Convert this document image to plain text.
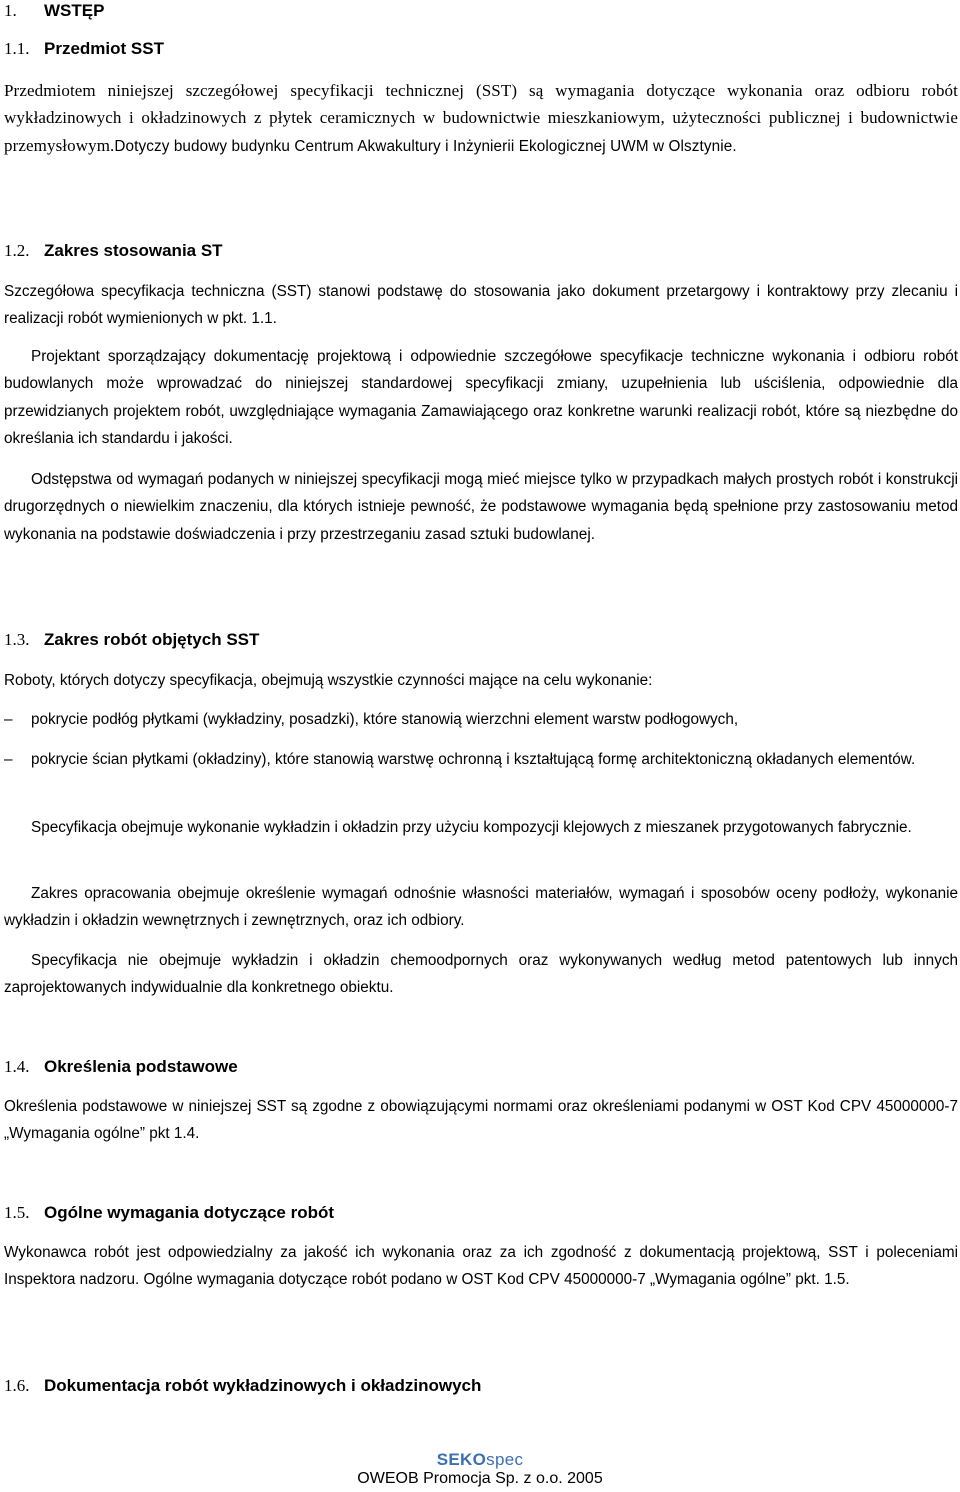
1. WSTĘP
1.1. Przedmiot SST

Przedmiotem niniejszej szczegółowej specyfikacji technicznej (SST) są wymagania dotyczące wykonania oraz odbioru robót wykładzinowych i okładzinowych z płytek ceramicznych w budownictwie mieszkaniowym, użyteczności publicznej i budownictwie przemysłowym.Dotyczy budowy budynku Centrum Akwakultury i Inżynierii Ekologicznej UWM w Olsztynie.

1.2. Zakres stosowania ST

Szczegółowa specyfikacja techniczna (SST) stanowi podstawę do stosowania jako dokument przetargowy i kontraktowy przy zlecaniu i realizacji robót wymienionych w pkt. 1.1.

Projektant sporządzający dokumentację projektową i odpowiednie szczegółowe specyfikacje techniczne wykonania i odbioru robót budowlanych może wprowadzać do niniejszej standardowej specyfikacji zmiany, uzupełnienia lub uściślenia, odpowiednie dla przewidzianych projektem robót, uwzględniające wymagania Zamawiającego oraz konkretne warunki realizacji robót, które są niezbędne do określania ich standardu i jakości.

Odstępstwa od wymagań podanych w niniejszej specyfikacji mogą mieć miejsce tylko w przypadkach małych prostych robót i konstrukcji drugorzędnych o niewielkim znaczeniu, dla których istnieje pewność, że podstawowe wymagania będą spełnione przy zastosowaniu metod wykonania na podstawie doświadczenia i przy przestrzeganiu zasad sztuki budowlanej.

1.3. Zakres robót objętych SST

Roboty, których dotyczy specyfikacja, obejmują wszystkie czynności mające na celu wykonanie:

–	pokrycie podłóg płytkami (wykładziny, posadzki), które stanowią wierzchni element warstw podłogowych,
–	pokrycie ścian płytkami (okładziny), które stanowią warstwę ochronną i kształtującą formę architektoniczną okładanych elementów.

Specyfikacja obejmuje wykonanie wykładzin i okładzin przy użyciu kompozycji klejowych z mieszanek przygotowanych fabrycznie.

Zakres opracowania obejmuje określenie wymagań odnośnie własności materiałów, wymagań i sposobów oceny podłoży, wykonanie wykładzin i okładzin wewnętrznych i zewnętrznych, oraz ich odbiory.

Specyfikacja nie obejmuje wykładzin i okładzin chemoodpornych oraz wykonywanych według metod patentowych lub innych zaprojektowanych indywidualnie dla konkretnego obiektu.

1.4. Określenia podstawowe

Określenia podstawowe w niniejszej SST są zgodne z obowiązującymi normami oraz określeniami podanymi w OST Kod CPV 45000000-7 „Wymagania ogólne” pkt 1.4.

1.5. Ogólne wymagania dotyczące robót

Wykonawca robót jest odpowiedzialny za jakość ich wykonania oraz za ich zgodność z dokumentacją projektową, SST i poleceniami Inspektora nadzoru. Ogólne wymagania dotyczące robót podano w OST Kod CPV 45000000-7 „Wymagania ogólne” pkt. 1.5.

1.6. Dokumentacja robót wykładzinowych i okładzinowych
SEKOspec
OWEOB Promocja Sp. z o.o. 2005
